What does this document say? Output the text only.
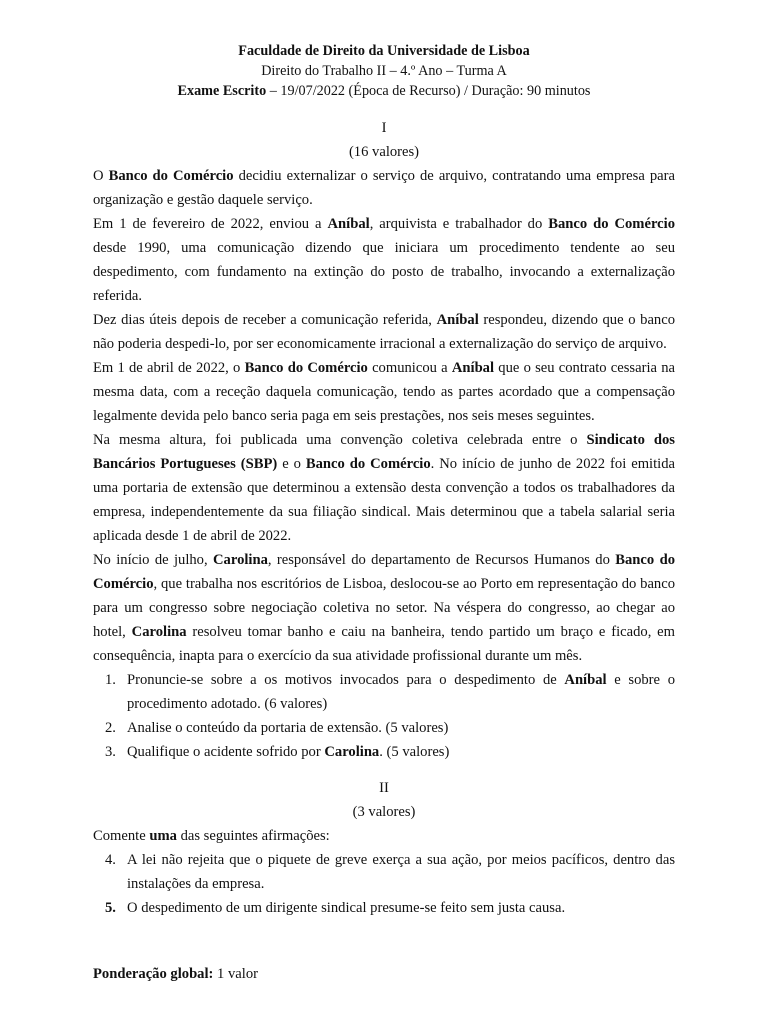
Faculdade de Direito da Universidade de Lisboa
Direito do Trabalho II – 4.º Ano – Turma A
Exame Escrito – 19/07/2022 (Época de Recurso) / Duração: 90 minutos
I
(16 valores)

O Banco do Comércio decidiu externalizar o serviço de arquivo, contratando uma empresa para organização e gestão daquele serviço.

Em 1 de fevereiro de 2022, enviou a Aníbal, arquivista e trabalhador do Banco do Comércio desde 1990, uma comunicação dizendo que iniciara um procedimento tendente ao seu despedimento, com fundamento na extinção do posto de trabalho, invocando a externalização referida.

Dez dias úteis depois de receber a comunicação referida, Aníbal respondeu, dizendo que o banco não poderia despedi-lo, por ser economicamente irracional a externalização do serviço de arquivo.

Em 1 de abril de 2022, o Banco do Comércio comunicou a Aníbal que o seu contrato cessaria na mesma data, com a receção daquela comunicação, tendo as partes acordado que a compensação legalmente devida pelo banco seria paga em seis prestações, nos seis meses seguintes.

Na mesma altura, foi publicada uma convenção coletiva celebrada entre o Sindicato dos Bancários Portugueses (SBP) e o Banco do Comércio. No início de junho de 2022 foi emitida uma portaria de extensão que determinou a extensão desta convenção a todos os trabalhadores da empresa, independentemente da sua filiação sindical. Mais determinou que a tabela salarial seria aplicada desde 1 de abril de 2022.

No início de julho, Carolina, responsável do departamento de Recursos Humanos do Banco do Comércio, que trabalha nos escritórios de Lisboa, deslocou-se ao Porto em representação do banco para um congresso sobre negociação coletiva no setor. Na véspera do congresso, ao chegar ao hotel, Carolina resolveu tomar banho e caiu na banheira, tendo partido um braço e ficado, em consequência, inapta para o exercício da sua atividade profissional durante um mês.

1. Pronuncie-se sobre a os motivos invocados para o despedimento de Aníbal e sobre o procedimento adotado. (6 valores)
2. Analise o conteúdo da portaria de extensão. (5 valores)
3. Qualifique o acidente sofrido por Carolina. (5 valores)
II
(3 valores)

Comente uma das seguintes afirmações:

4. A lei não rejeita que o piquete de greve exerça a sua ação, por meios pacíficos, dentro das instalações da empresa.
5. O despedimento de um dirigente sindical presume-se feito sem justa causa.
Ponderação global: 1 valor
